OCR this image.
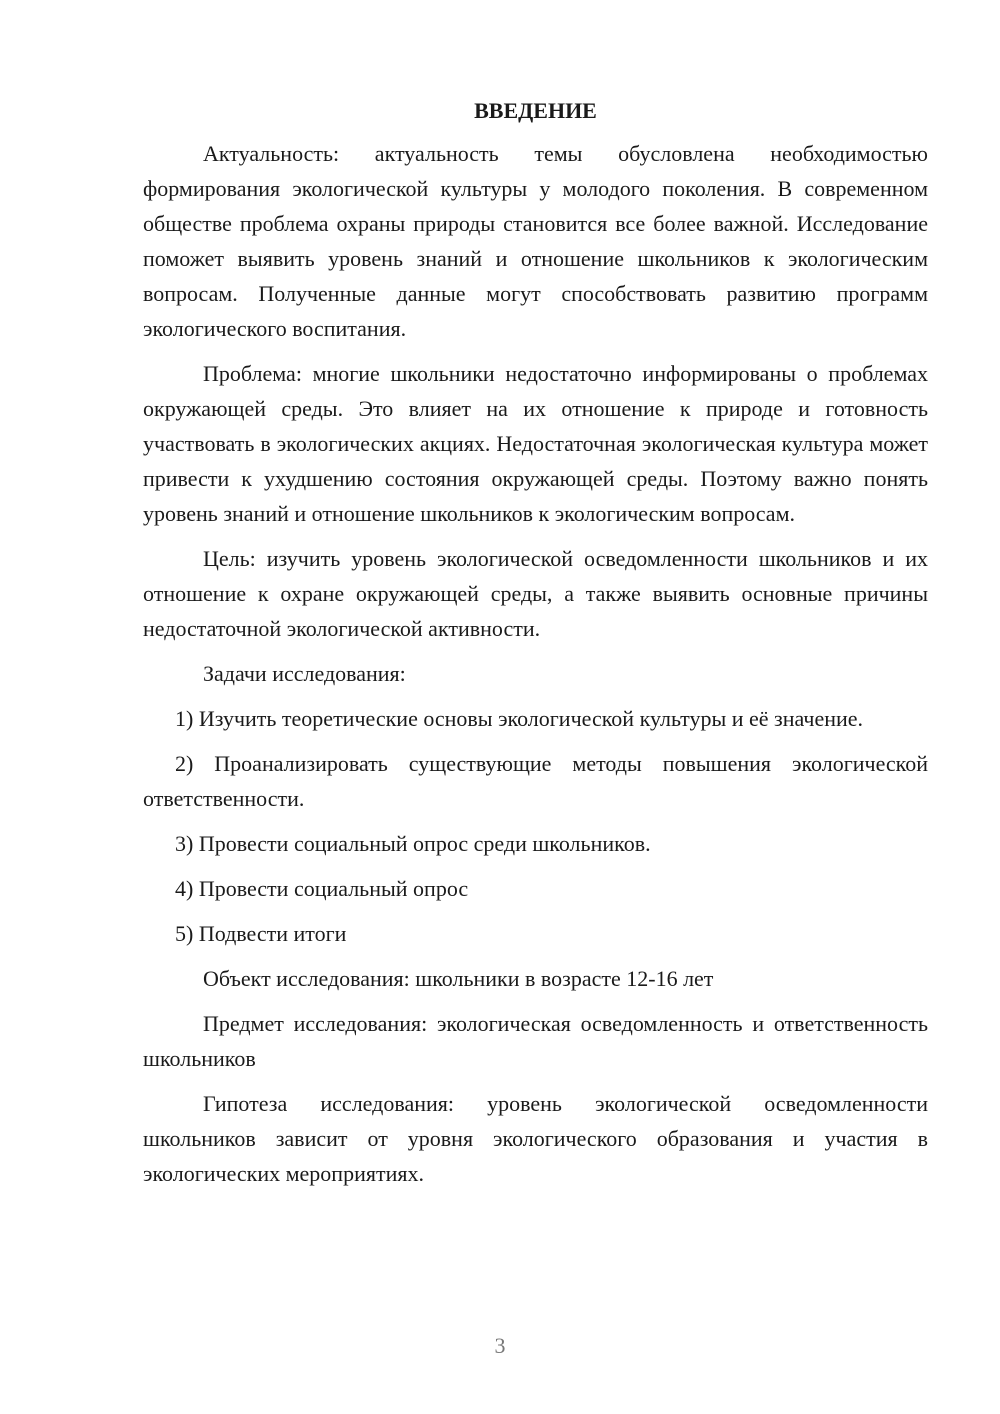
ВВЕДЕНИЕ

Актуальность: актуальность темы обусловлена необходимостью формирования экологической культуры у молодого поколения. В современном обществе проблема охраны природы становится все более важной. Исследование поможет выявить уровень знаний и отношение школьников к экологическим вопросам. Полученные данные могут способствовать развитию программ экологического воспитания.

Проблема: многие школьники недостаточно информированы о проблемах окружающей среды. Это влияет на их отношение к природе и готовность участвовать в экологических акциях. Недостаточная экологическая культура может привести к ухудшению состояния окружающей среды. Поэтому важно понять уровень знаний и отношение школьников к экологическим вопросам.

Цель: изучить уровень экологической осведомленности школьников и их отношение к охране окружающей среды, а также выявить основные причины недостаточной экологической активности.

Задачи исследования:

1) Изучить теоретические основы экологической культуры и её значение.

2) Проанализировать существующие методы повышения экологической ответственности.

3) Провести социальный опрос среди школьников.

4) Провести социальный опрос

5) Подвести итоги

Объект исследования: школьники в возрасте 12-16 лет

Предмет исследования: экологическая осведомленность и ответственность школьников

Гипотеза исследования: уровень экологической осведомленности школьников зависит от уровня экологического образования и участия в экологических мероприятиях.

3
